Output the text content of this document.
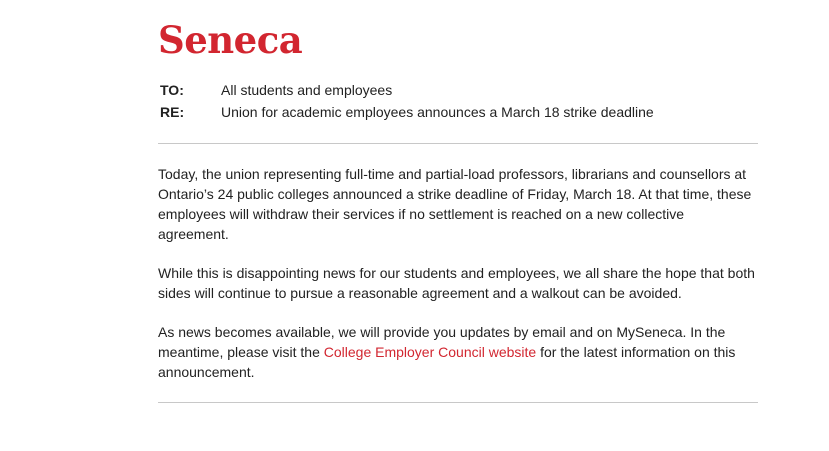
Seneca
TO:	All students and employees
RE:	Union for academic employees announces a March 18 strike deadline

Today, the union representing full-time and partial-load professors, librarians and counsellors at Ontario’s 24 public colleges announced a strike deadline of Friday, March 18. At that time, these employees will withdraw their services if no settlement is reached on a new collective agreement.

While this is disappointing news for our students and employees, we all share the hope that both sides will continue to pursue a reasonable agreement and a walkout can be avoided.

As news becomes available, we will provide you updates by email and on MySeneca. In the meantime, please visit the College Employer Council website for the latest information on this announcement.
